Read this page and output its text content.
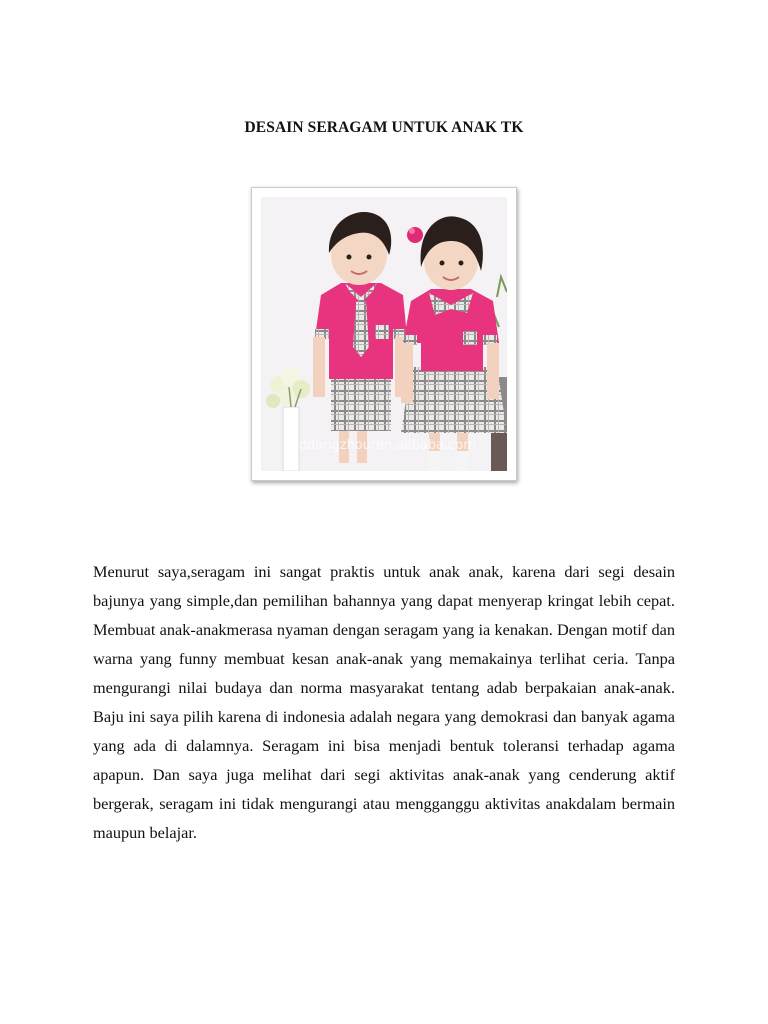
DESAIN SERAGAM UNTUK ANAK TK
sddangzhouren.alibaba.com

Menurut saya,seragam ini sangat praktis untuk anak anak, karena dari segi desain bajunya yang simple,dan pemilihan bahannya yang dapat menyerap kringat lebih cepat. Membuat anak-anakmerasa nyaman dengan seragam yang ia kenakan. Dengan motif dan warna yang funny membuat kesan anak-anak yang memakainya terlihat ceria. Tanpa mengurangi nilai budaya dan norma masyarakat tentang adab berpakaian anak-anak. Baju ini saya pilih karena di indonesia adalah negara yang demokrasi dan banyak agama yang ada di dalamnya. Seragam ini bisa menjadi bentuk toleransi terhadap agama apapun. Dan saya juga melihat dari segi aktivitas anak-anak yang cenderung aktif bergerak, seragam ini tidak mengurangi atau mengganggu aktivitas anakdalam bermain maupun belajar.
